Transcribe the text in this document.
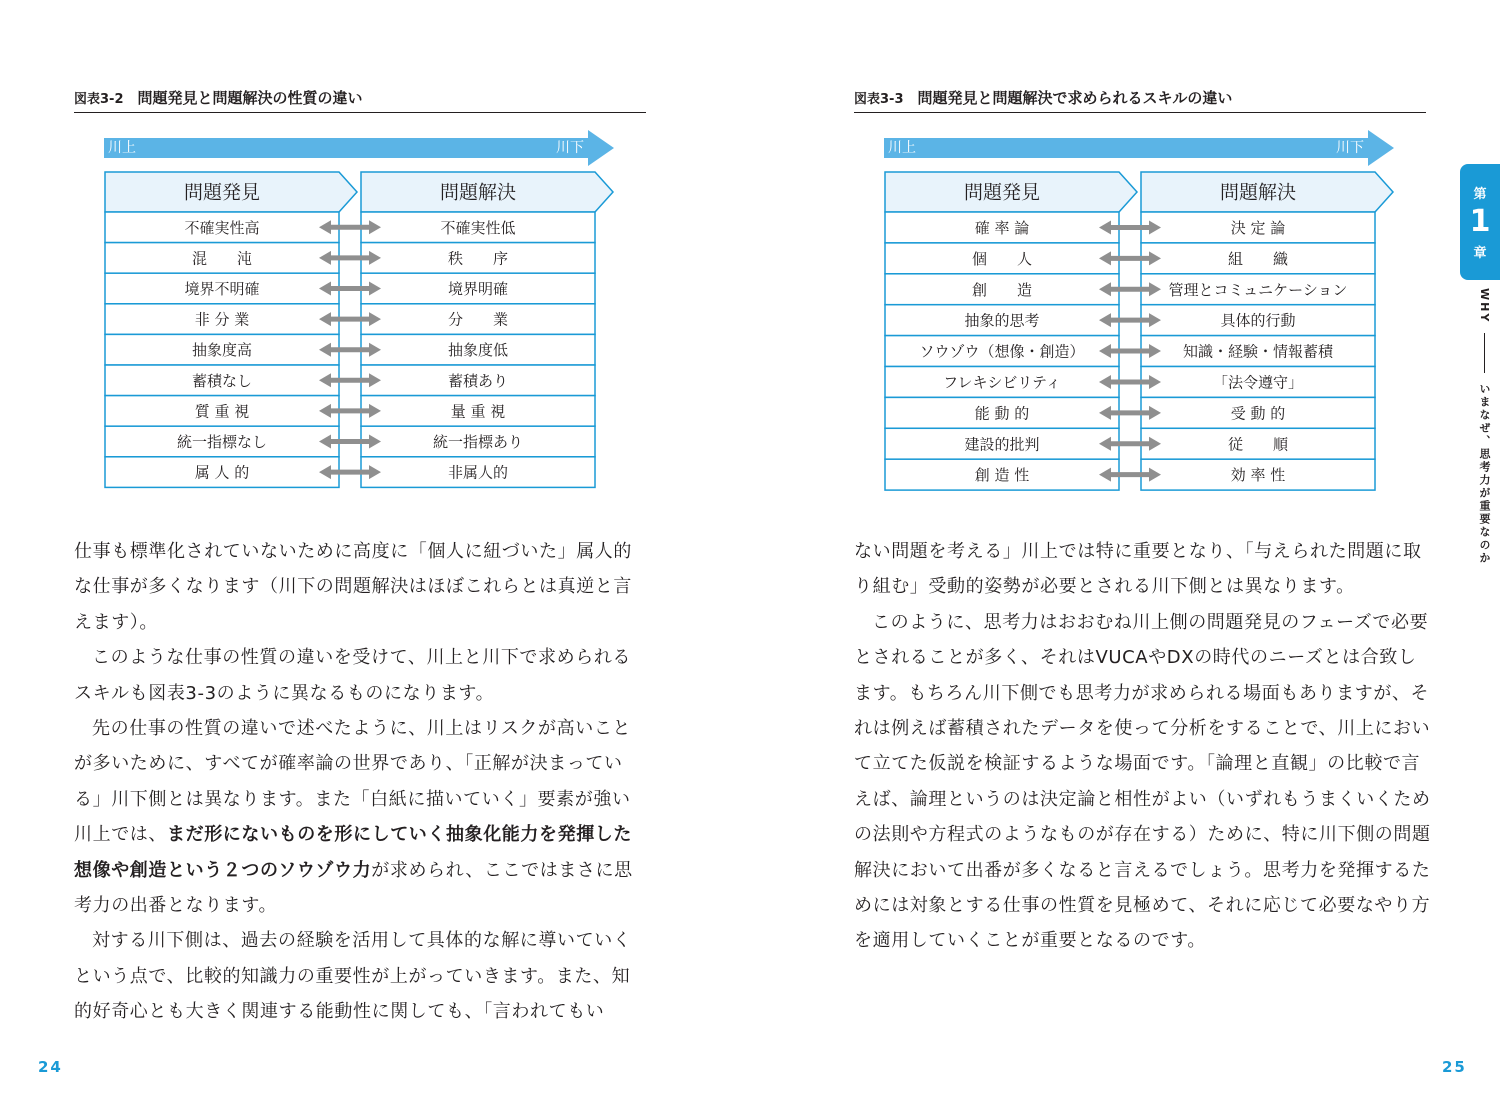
図表3-2 問題発見と問題解決の性質の違い
川上	川下
問題発見	問題解決
不確実性高	不確実性低
混　　沌	秩　　序
境界不明確	境界明確
非 分 業	分　　業
抽象度高	抽象度低
蓄積なし	蓄積あり
質 重 視	量 重 視
統一指標なし	統一指標あり
属 人 的	非属人的

仕事も標準化されていないために高度に「個人に紐づいた」属人的な仕事が多くなります（川下の問題解決はほぼこれらとは真逆と言えます）。

このような仕事の性質の違いを受けて、川上と川下で求められるスキルも図表3-3のように異なるものになります。

先の仕事の性質の違いで述べたように、川上はリスクが高いことが多いために、すべてが確率論の世界であり、「正解が決まっている」川下側とは異なります。また「白紙に描いていく」要素が強い川上では、まだ形にないものを形にしていく抽象化能力を発揮した想像や創造という２つのソウゾウ力が求められ、ここではまさに思考力の出番となります。

対する川下側は、過去の経験を活用して具体的な解に導いていくという点で、比較的知識力の重要性が上がっていきます。また、知的好奇心とも大きく関連する能動性に関しても、「言われてもい

24
図表3-3 問題発見と問題解決で求められるスキルの違い
川上	川下
問題発見	問題解決
確 率 論	決 定 論
個　　人	組　　織
創　　造	管理とコミュニケーション
抽象的思考	具体的行動
ソウゾウ（想像・創造）	知識・経験・情報蓄積
フレキシビリティ	「法令遵守」
能 動 的	受 動 的
建設的批判	従　　順
創 造 性	効 率 性

ない問題を考える」川上では特に重要となり、「与えられた問題に取り組む」受動的姿勢が必要とされる川下側とは異なります。

このように、思考力はおおむね川上側の問題発見のフェーズで必要とされることが多く、それはVUCAやDXの時代のニーズとは合致します。もちろん川下側でも思考力が求められる場面もありますが、それは例えば蓄積されたデータを使って分析をすることで、川上において立てた仮説を検証するような場面です。「論理と直観」の比較で言えば、論理というのは決定論と相性がよい（いずれもうまくいくための法則や方程式のようなものが存在する）ために、特に川下側の問題解決において出番が多くなると言えるでしょう。思考力を発揮するためには対象とする仕事の性質を見極めて、それに応じて必要なやり方を適用していくことが重要となるのです。

25
第
1
章
WHY  いまなぜ、思考力が重要なのか
